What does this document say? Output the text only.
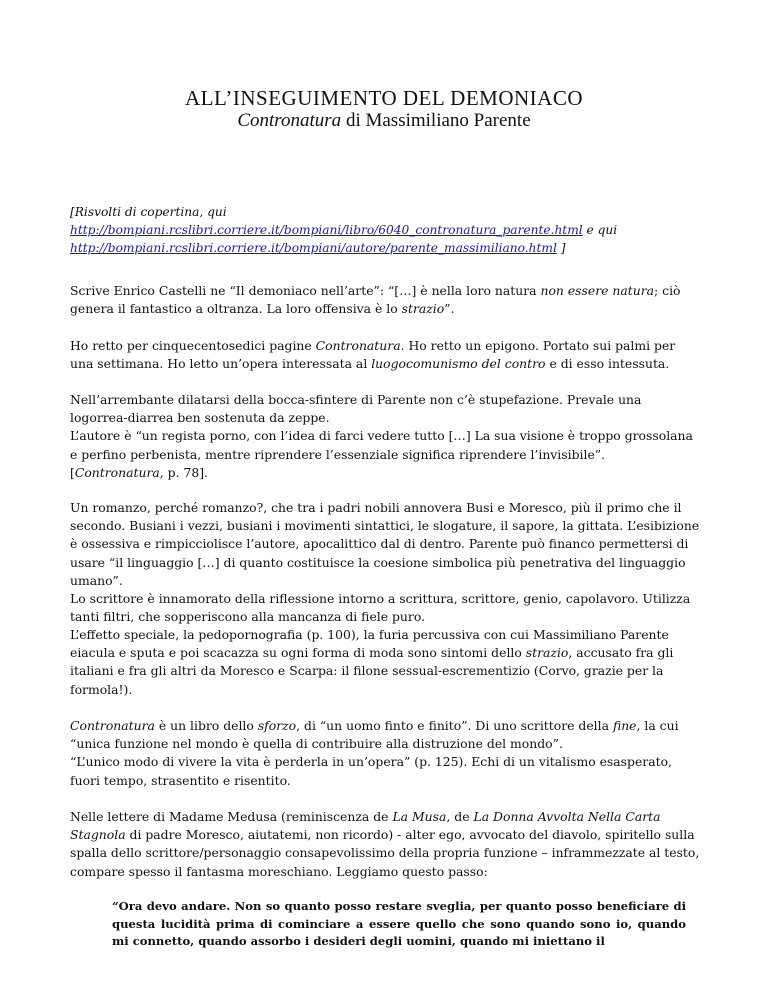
ALL’INSEGUIMENTO DEL DEMONIACO
Contronatura di Massimiliano Parente
[Risvolti di copertina, qui
http://bompiani.rcslibri.corriere.it/bompiani/libro/6040_contronatura_parente.html e qui
http://bompiani.rcslibri.corriere.it/bompiani/autore/parente_massimiliano.html ]
Scrive Enrico Castelli ne “Il demoniaco nell’arte”: “[…] è nella loro natura non essere natura; ciò genera il fantastico a oltranza. La loro offensiva è lo strazio”.
Ho retto per cinquecentosedici pagine Contronatura. Ho retto un epigono. Portato sui palmi per una settimana. Ho letto un’opera interessata al luogocomunismo del contro e di esso intessuta.
Nell’arrembante dilatarsi della bocca-sfintere di Parente non c’è stupefazione. Prevale una logorrea-diarrea ben sostenuta da zeppe.
L’autore è “un regista porno, con l’idea di farci vedere tutto […] La sua visione è troppo grossolana e perfino perbenista, mentre riprendere l’essenziale significa riprendere l’invisibile”. [Contronatura, p. 78].
Un romanzo, perché romanzo?, che tra i padri nobili annovera Busi e Moresco, più il primo che il secondo. Busiani i vezzi, busiani i movimenti sintattici, le slogature, il sapore, la gittata. L’esibizione è ossessiva e rimpicciolisce l’autore, apocalittico dal di dentro. Parente può financo permettersi di usare “il linguaggio […] di quanto costituisce la coesione simbolica più penetrativa del linguaggio umano”.
Lo scrittore è innamorato della riflessione intorno a scrittura, scrittore, genio, capolavoro. Utilizza tanti filtri, che sopperiscono alla mancanza di fiele puro.
L’effetto speciale, la pedopornografia (p. 100), la furia percussiva con cui Massimiliano Parente eiacula e sputa e poi scacazza su ogni forma di moda sono sintomi dello strazio, accusato fra gli italiani e fra gli altri da Moresco e Scarpa: il filone sessual-escrementizio (Corvo, grazie per la formola!).
Contronatura è un libro dello sforzo, di “un uomo finto e finito”. Di uno scrittore della fine, la cui “unica funzione nel mondo è quella di contribuire alla distruzione del mondo”.
“L’unico modo di vivere la vita è perderla in un’opera” (p. 125). Echi di un vitalismo esasperato, fuori tempo, strasentito e risentito.
Nelle lettere di Madame Medusa (reminiscenza de La Musa, de La Donna Avvolta Nella Carta Stagnola di padre Moresco, aiutatemi, non ricordo) - alter ego, avvocato del diavolo, spiritello sulla spalla dello scrittore/personaggio consapevolissimo della propria funzione – inframmezzate al testo, compare spesso il fantasma moreschiano. Leggiamo questo passo:
“Ora devo andare. Non so quanto posso restare sveglia, per quanto posso beneficiare di questa lucidità prima di cominciare a essere quello che sono quando sono io, quando mi connetto, quando assorbo i desideri degli uomini, quando mi iniettano il
